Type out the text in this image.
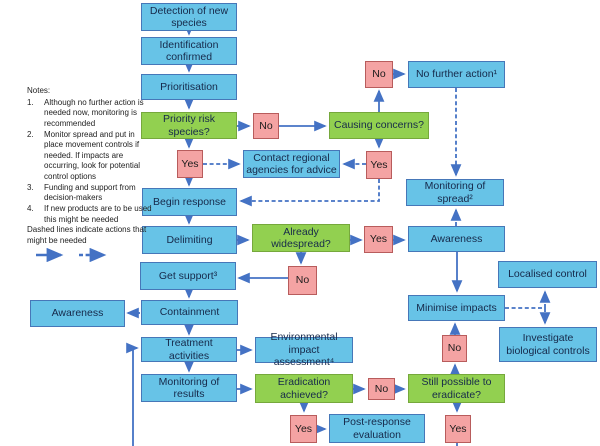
Detection of new species
Identification confirmed
Prioritisation
No further action¹
Contact regional agencies for advice
Begin response
Monitoring of spread²
Delimiting	Awareness
Get support³	Localised control
Containment
Awareness	Minimise impacts
Investigate biological controls
Treatment activities
Environmental impact assessment⁴
Monitoring of results
Post-response evaluation
Priority risk species?
Causing concerns?
Already widespread?
Eradication achieved?
Still possible to eradicate?
No
No
Yes	Yes
Yes
No
No
No
Yes	Yes
Notes:
1.	Although no further action is needed now, monitoring is recommended
2.	Monitor spread and put in place movement controls if needed. If impacts are occurring, look for potential control options
3.	Funding and support from decision-makers
4.	If new products are to be used this might be needed
Dashed lines indicate actions that might be needed
